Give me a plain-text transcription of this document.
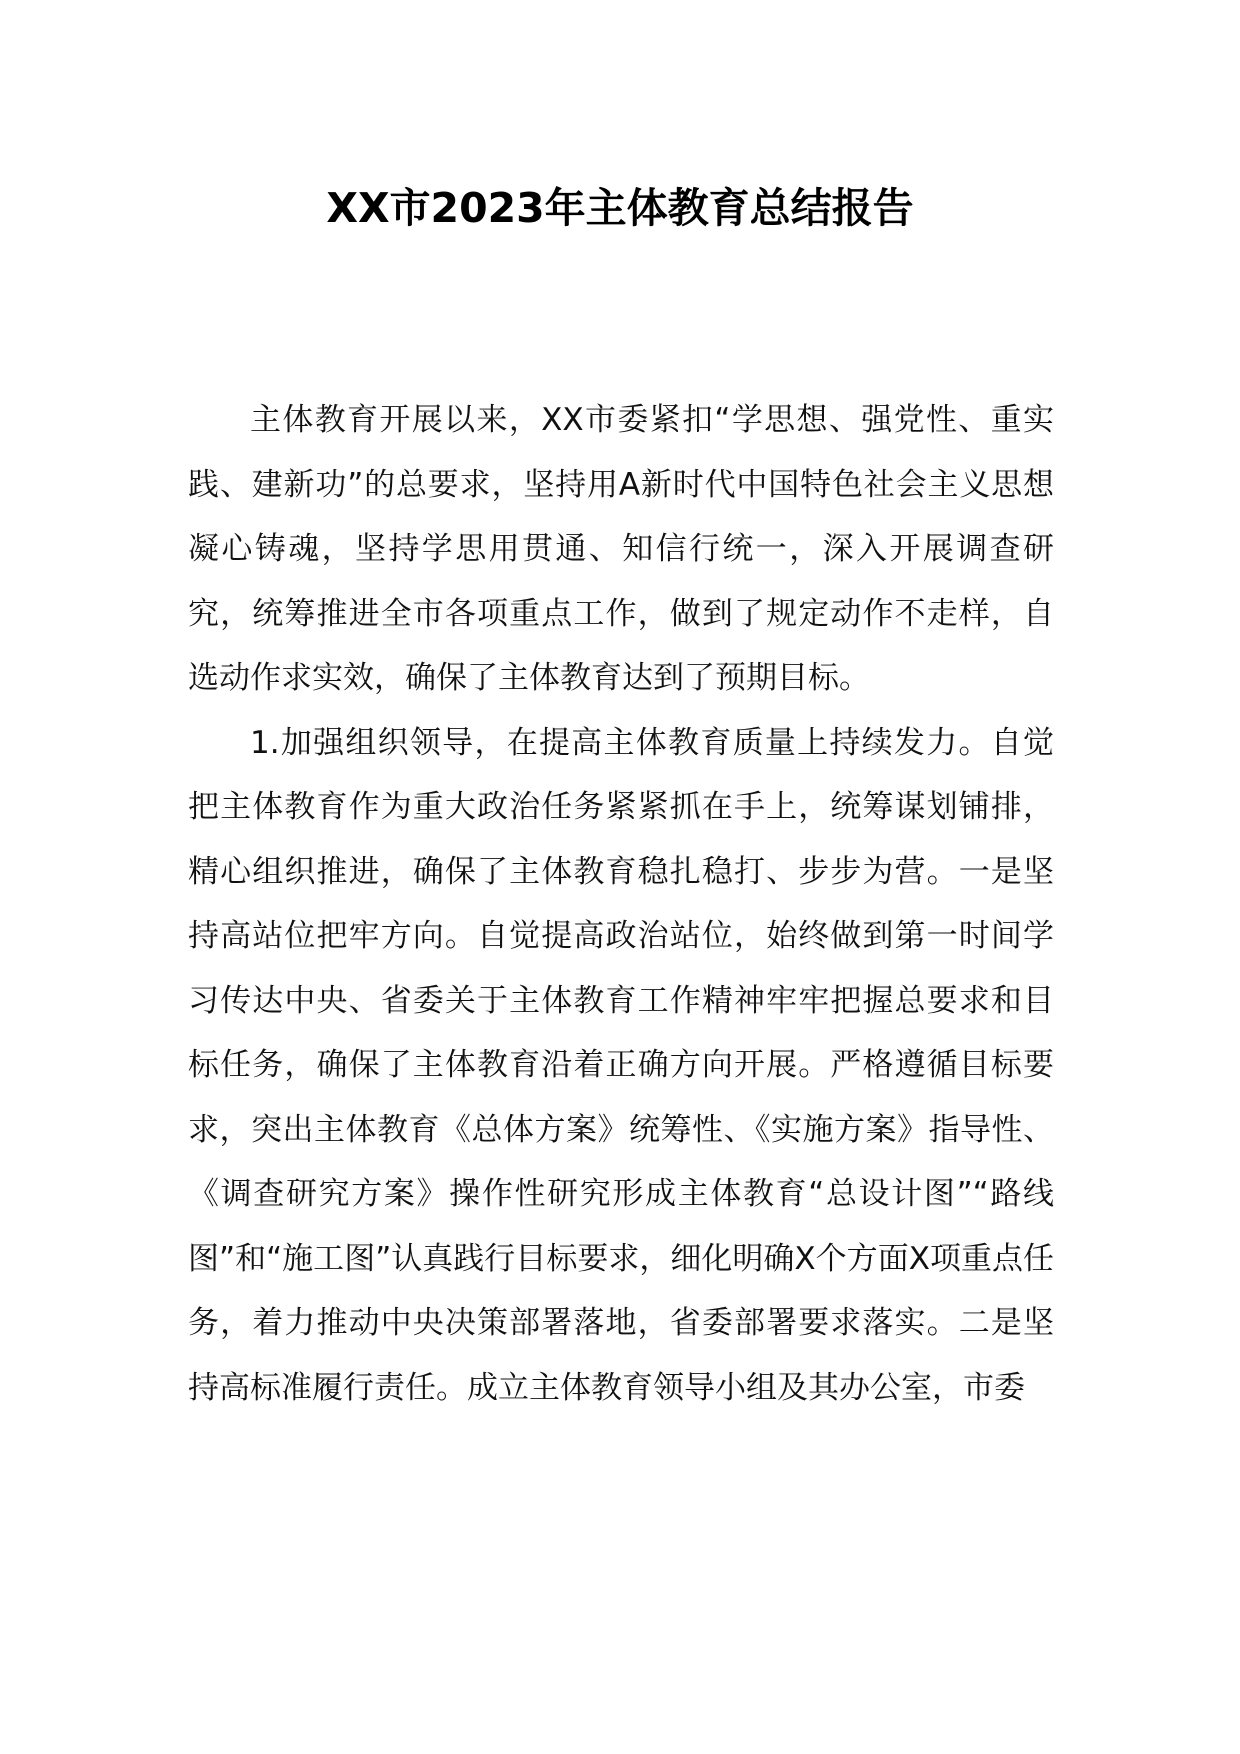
XX市2023年主体教育总结报告

主体教育开展以来，XX市委紧扣“学思想、强党性、重实践、建新功”的总要求，坚持用A新时代中国特色社会主义思想凝心铸魂，坚持学思用贯通、知信行统一，深入开展调查研究，统筹推进全市各项重点工作，做到了规定动作不走样，自选动作求实效，确保了主体教育达到了预期目标。

1.加强组织领导，在提高主体教育质量上持续发力。自觉把主体教育作为重大政治任务紧紧抓在手上，统筹谋划铺排，精心组织推进，确保了主体教育稳扎稳打、步步为营。一是坚持高站位把牢方向。自觉提高政治站位，始终做到第一时间学习传达中央、省委关于主体教育工作精神牢牢把握总要求和目标任务，确保了主体教育沿着正确方向开展。严格遵循目标要求，突出主体教育《总体方案》统筹性、《实施方案》指导性、《调查研究方案》操作性研究形成主体教育“总设计图”“路线图”和“施工图”认真践行目标要求，细化明确X个方面X项重点任务，着力推动中央决策部署落地，省委部署要求落实。二是坚持高标准履行责任。成立主体教育领导小组及其办公室，市委
